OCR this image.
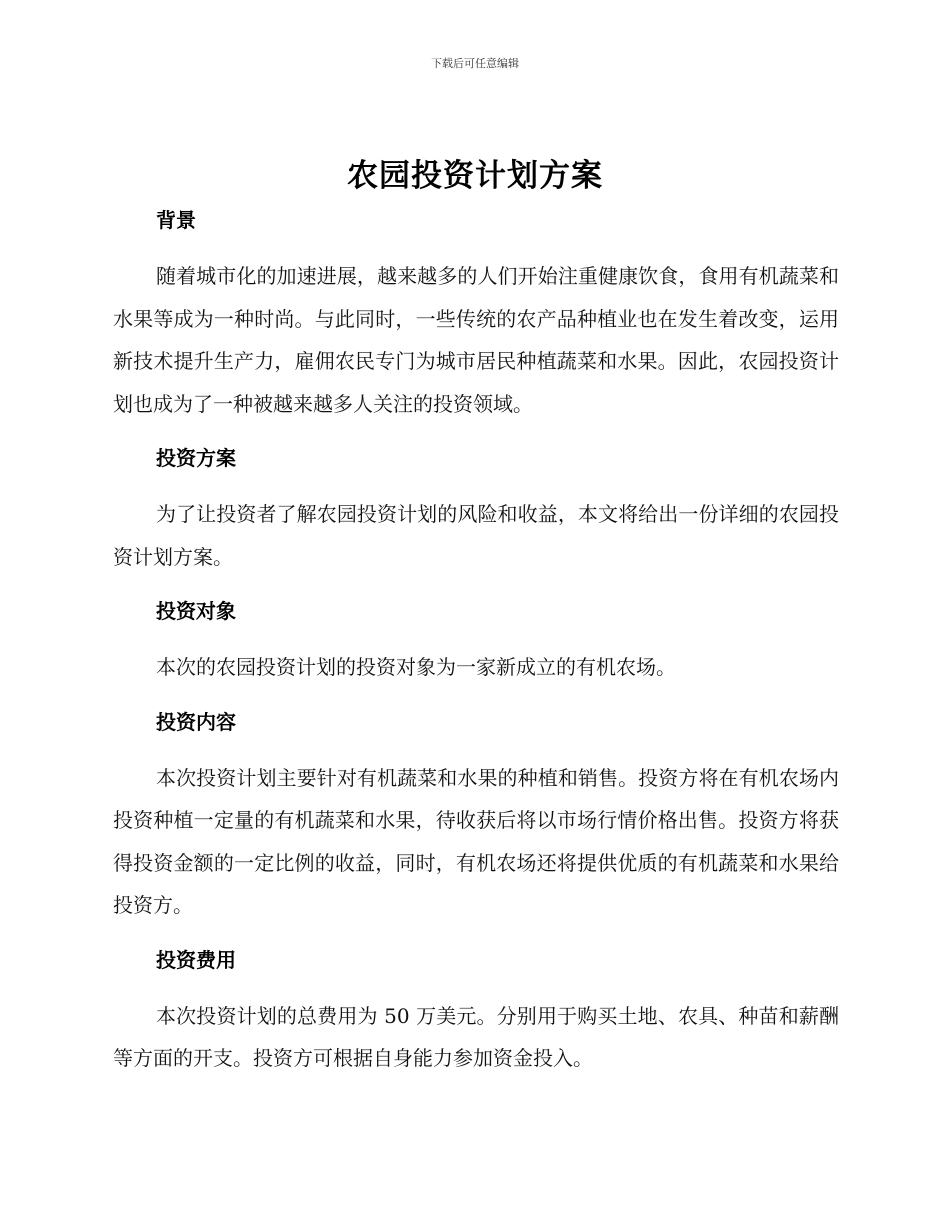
下载后可任意编辑
农园投资计划方案
背景

随着城市化的加速进展，越来越多的人们开始注重健康饮食，食用有机蔬菜和水果等成为一种时尚。与此同时，一些传统的农产品种植业也在发生着改变，运用新技术提升生产力，雇佣农民专门为城市居民种植蔬菜和水果。因此，农园投资计划也成为了一种被越来越多人关注的投资领域。

投资方案

为了让投资者了解农园投资计划的风险和收益，本文将给出一份详细的农园投资计划方案。

投资对象

本次的农园投资计划的投资对象为一家新成立的有机农场。

投资内容

本次投资计划主要针对有机蔬菜和水果的种植和销售。投资方将在有机农场内投资种植一定量的有机蔬菜和水果，待收获后将以市场行情价格出售。投资方将获得投资金额的一定比例的收益，同时，有机农场还将提供优质的有机蔬菜和水果给投资方。

投资费用

本次投资计划的总费用为 50 万美元。分别用于购买土地、农具、种苗和薪酬等方面的开支。投资方可根据自身能力参加资金投入。
